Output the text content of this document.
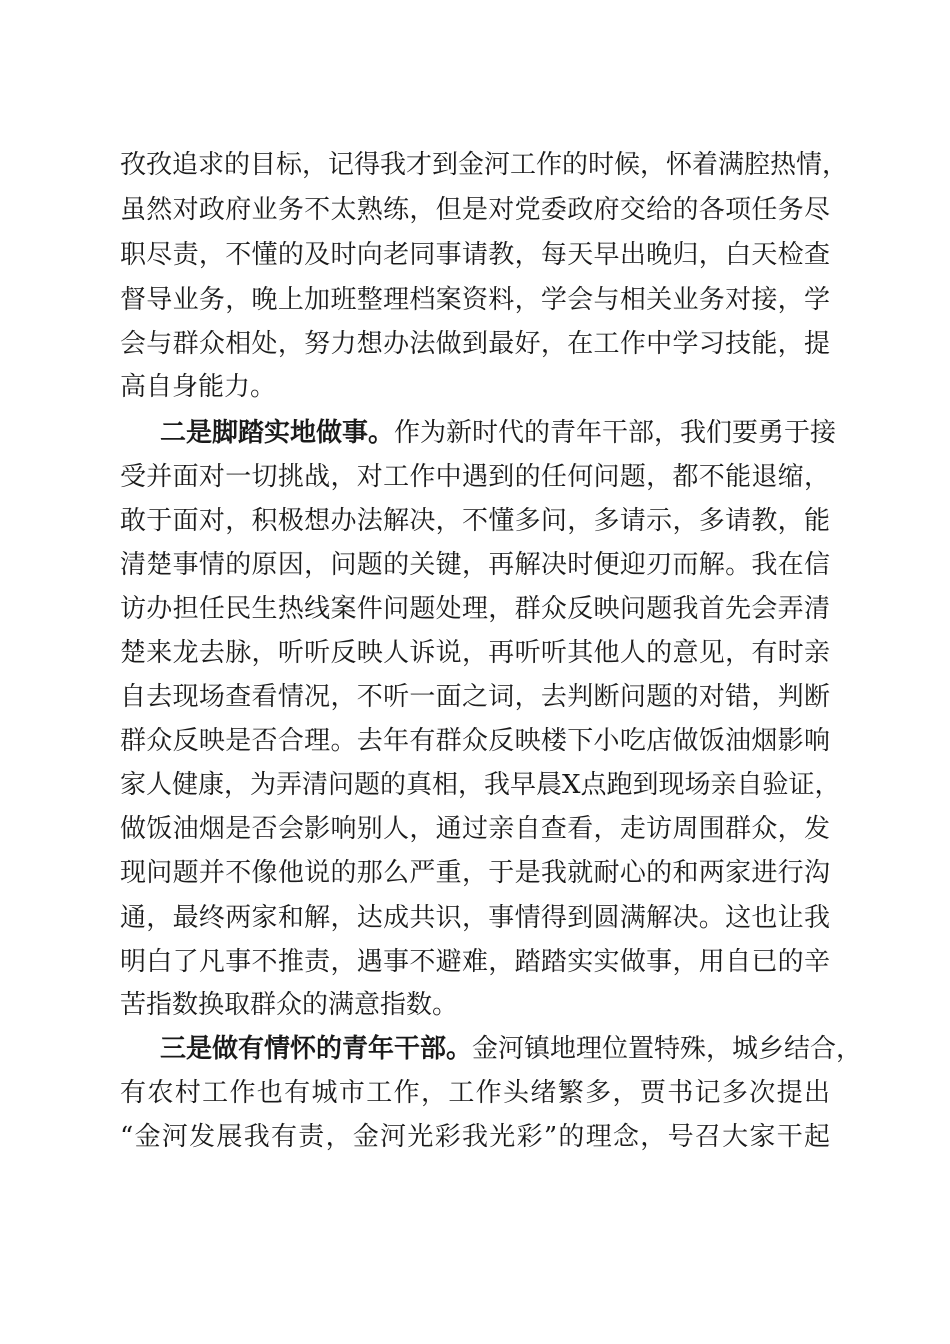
孜孜追求的目标，记得我才到金河工作的时候，怀着满腔热情，
虽然对政府业务不太熟练，但是对党委政府交给的各项任务尽
职尽责，不懂的及时向老同事请教，每天早出晚归，白天检查
督导业务，晚上加班整理档案资料，学会与相关业务对接，学
会与群众相处，努力想办法做到最好，在工作中学习技能，提
高自身能力。
二是脚踏实地做事。作为新时代的青年干部，我们要勇于接
受并面对一切挑战，对工作中遇到的任何问题，都不能退缩，
敢于面对，积极想办法解决，不懂多问，多请示，多请教，能
清楚事情的原因，问题的关键，再解决时便迎刃而解。我在信
访办担任民生热线案件问题处理，群众反映问题我首先会弄清
楚来龙去脉，听听反映人诉说，再听听其他人的意见，有时亲
自去现场查看情况，不听一面之词，去判断问题的对错，判断
群众反映是否合理。去年有群众反映楼下小吃店做饭油烟影响
家人健康，为弄清问题的真相，我早晨X点跑到现场亲自验证，
做饭油烟是否会影响别人，通过亲自查看，走访周围群众，发
现问题并不像他说的那么严重，于是我就耐心的和两家进行沟
通，最终两家和解，达成共识，事情得到圆满解决。这也让我
明白了凡事不推责，遇事不避难，踏踏实实做事，用自已的辛
苦指数换取群众的满意指数。
三是做有情怀的青年干部。金河镇地理位置特殊，城乡结合，
有农村工作也有城市工作，工作头绪繁多，贾书记多次提出
“金河发展我有责，金河光彩我光彩”的理念，号召大家干起
